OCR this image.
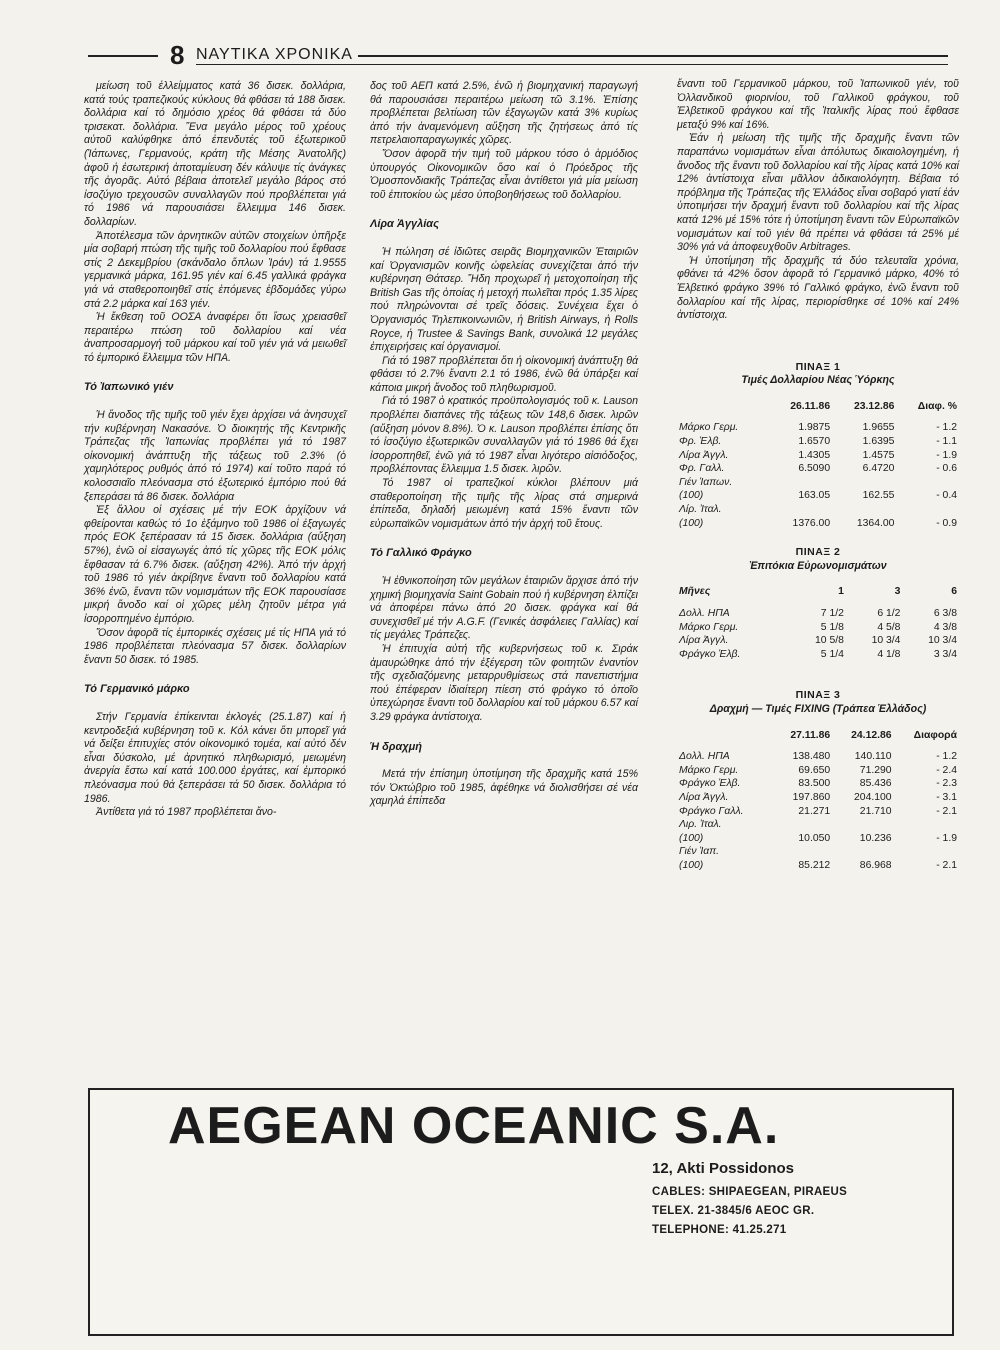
8 ΝΑΥΤΙΚΑ ΧΡΟΝΙΚΑ

μείωση τοῦ ἐλλείμματος κατά 36 δισεκ. δολλάρια, κατά τούς τραπεζικούς κύκλους θά φθάσει τά 188 δισεκ. δολλάρια καί τό δημόσιο χρέος θά φθάσει τά δύο τρισεκατ. δολλάρια. Ἕνα μεγάλο μέρος τοῦ χρέους αὐτοῦ καλύφθηκε ἀπό ἐπενδυτές τοῦ ἐξωτερικοῦ (Ἰάπωνες, Γερμανούς, κράτη τῆς Μέσης Ἀνατολῆς) ἀφοῦ ἡ ἐσωτερική ἀποταμίευση δέν κάλυψε τίς ἀνάγκες τῆς ἀγορᾶς. Αὐτό βέβαια ἀποτελεῖ μεγάλο βάρος στό ἰσοζύγιο τρεχουσῶν συναλλαγῶν πού προβλέπεται γιά τό 1986 νά παρουσιάσει ἔλλειμμα 146 δισεκ. δολλαρίων.

Ἀποτέλεσμα τῶν ἀρνητικῶν αὐτῶν στοιχείων ὑπῆρξε μία σοβαρή πτώση τῆς τιμῆς τοῦ δολλαρίου πού ἔφθασε στίς 2 Δεκεμβρίου (σκάνδαλο ὅπλων Ἰράν) τά 1.9555 γερμανικά μάρκα, 161.95 γιέν καί 6.45 γαλλικά φράγκα γιά νά σταθεροποιηθεῖ στίς ἑπόμενες ἑβδομάδες γύρω στά 2.2 μάρκα καί 163 γιέν.

Ἡ ἔκθεση τοῦ ΟΟΣΑ ἀναφέρει ὅτι ἴσως χρειασθεῖ περαιτέρω πτώση τοῦ δολλαρίου καί νέα ἀναπροσαρμογή τοῦ μάρκου καί τοῦ γιέν γιά νά μειωθεῖ τό ἐμπορικό ἔλλειμμα τῶν ΗΠΑ.

Τό Ἰαπωνικό γιέν

Ἡ ἄνοδος τῆς τιμῆς τοῦ γιέν ἔχει ἀρχίσει νά ἀνησυχεῖ τήν κυβέρνηση Νακασόνε. Ὁ διοικητής τῆς Κεντρικῆς Τράπεζας τῆς Ἰαπωνίας προβλέπει γιά τό 1987 οἰκονομική ἀνάπτυξη τῆς τάξεως τοῦ 2.3% (ὁ χαμηλότερος ρυθμός ἀπό τό 1974) καί τοῦτο παρά τό κολοσσιαῖο πλεόνασμα στό ἐξωτερικό ἐμπόριο πού θά ξεπεράσει τά 86 δισεκ. δολλάρια

Ἐξ ἄλλου οἱ σχέσεις μέ τήν ΕΟΚ ἀρχίζουν νά φθείρονται καθώς τό 1ο ἑξάμηνο τοῦ 1986 οἱ ἐξαγωγές πρός ΕΟΚ ξεπέρασαν τά 15 δισεκ. δολλάρια (αὔξηση 57%), ἐνῶ οἱ εἰσαγωγές ἀπό τίς χῶρες τῆς ΕΟΚ μόλις ἔφθασαν τά 6.7% δισεκ. (αὔξηση 42%). Ἀπό τήν ἀρχή τοῦ 1986 τό γιέν ἀκρίβηνε ἔναντι τοῦ δολλαρίου κατά 36% ἐνῶ, ἔναντι τῶν νομισμάτων τῆς ΕΟΚ παρουσίασε μικρή ἄνοδο καί οἱ χῶρες μέλη ζητοῦν μέτρα γιά ἰσορροπημένο ἐμπόριο.

Ὅσον ἀφορᾶ τίς ἐμπορικές σχέσεις μέ τίς ΗΠΑ γιά τό 1986 προβλέπεται πλεόνασμα 57 δισεκ. δολλαρίων ἔναντι 50 δισεκ. τό 1985.

Τό Γερμανικό μάρκο

Στήν Γερμανία ἐπίκεινται ἐκλογές (25.1.87) καί ἡ κεντροδεξιά κυβέρνηση τοῦ κ. Κόλ κάνει ὅτι μπορεῖ γιά νά δείξει ἐπιτυχίες στόν οἰκονομικό τομέα, καί αὐτό δέν εἶναι δύσκολο, μέ ἀρνητικό πληθωρισμό, μειωμένη ἀνεργία ἔστω καί κατά 100.000 ἐργάτες, καί ἐμπορικό πλεόνασμα πού θά ξεπεράσει τά 50 δισεκ. δολλάρια τό 1986.

Ἀντίθετα γιά τό 1987 προβλέπεται ἄνο-

δος τοῦ ΑΕΠ κατά 2.5%, ἐνῶ ἡ βιομηχανική παραγωγή θά παρουσιάσει περαιτέρω μείωση τῶ 3.1%. Ἐπίσης προβλέπεται βελτίωση τῶν ἐξαγωγῶν κατά 3% κυρίως ἀπό τήν ἀναμενόμενη αὔξηση τῆς ζητήσεως ἀπό τίς πετρελαιοπαραγωγικές χῶρες.

Ὅσον ἀφορᾶ τήν τιμή τοῦ μάρκου τόσο ὁ ἁρμόδιος ὑπουργός Οἰκονομικῶν ὅσο καί ὁ Πρόεδρος τῆς Ὁμοσπονδιακῆς Τράπεζας εἶναι ἀντίθετοι γιά μία μείωση τοῦ ἐπιτοκίου ὡς μέσο ὑποβοηθήσεως τοῦ δολλαρίου.

Λίρα Ἀγγλίας

Ἡ πώληση σέ ἰδιῶτες σειρᾶς Βιομηχανικῶν Ἑταιριῶν καί Ὀργανισμῶν κοινῆς ὠφελείας συνεχίζεται ἀπό τήν κυβέρνηση Θάτσερ. Ἤδη προχωρεῖ ἡ μετοχοποίηση τῆς British Gas τῆς ὁποίας ἡ μετοχή πωλεῖται πρός 1.35 λίρες πού πληρώνονται σέ τρεῖς δόσεις. Συνέχεια ἔχει ὁ Ὀργανισμός Τηλεπικοινωνιῶν, ἡ British Airways, ἡ Rolls Royce, ἡ Trustee & Savings Bank, συνολικά 12 μεγάλες ἐπιχειρήσεις καί ὀργανισμοί.

Γιά τό 1987 προβλέπεται ὅτι ἡ οἰκονομική ἀνάπτυξη θά φθάσει τό 2.7% ἔναντι 2.1 τό 1986, ἐνῶ θά ὑπάρξει καί κάποια μικρή ἄνοδος τοῦ πληθωρισμοῦ.

Γιά τό 1987 ὁ κρατικός προϋπολογισμός τοῦ κ. Lauson προβλέπει διαπάνες τῆς τάξεως τῶν 148,6 δισεκ. λιρῶν (αὔξηση μόνον 8.8%). Ὁ κ. Lauson προβλέπει ἐπίσης ὅτι τό ἰσοζύγιο ἐξωτερικῶν συναλλαγῶν γιά τό 1986 θά ἔχει ἰσορροπηθεῖ, ἐνῶ γιά τό 1987 εἶναι λιγότερο αἰσιόδοξος, προβλέποντας ἔλλειμμα 1.5 δισεκ. λιρῶν.

Τό 1987 οἱ τραπεζικοί κύκλοι βλέπουν μιά σταθεροποίηση τῆς τιμῆς τῆς λίρας στά σημερινά ἐπίπεδα, δηλαδή μειωμένη κατά 15% ἔναντι τῶν εὐρωπαϊκῶν νομισμάτων ἀπό τήν ἀρχή τοῦ ἔτους.

Τό Γαλλικό Φράγκο

Ἡ ἐθνικοποίηση τῶν μεγάλων ἑταιριῶν ἄρχισε ἀπό τήν χημική βιομηχανία Saint Gobain πού ἡ κυβέρνηση ἐλπίζει νά ἀποφέρει πάνω ἀπό 20 δισεκ. φράγκα καί θά συνεχισθεῖ μέ τήν A.G.F. (Γενικές ἀσφάλειες Γαλλίας) καί τίς μεγάλες Τράπεζες.

Ἡ ἐπιτυχία αὐτή τῆς κυβερνήσεως τοῦ κ. Σιράκ ἀμαυρώθηκε ἀπό τήν ἐξέγερση τῶν φοιτητῶν ἐναντίον τῆς σχεδιαζόμενης μεταρρυθμίσεως στά πανεπιστήμια πού ἐπέφεραν ἰδιαίτερη πίεση στό φράγκο τό ὁποῖο ὑπεχώρησε ἔναντι τοῦ δολλαρίου καί τοῦ μάρκου 6.57 καί 3.29 φράγκα ἀντίστοιχα.

Ἡ δραχμή

Μετά τήν ἐπίσημη ὑποτίμηση τῆς δραχμῆς κατά 15% τόν Ὀκτώβριο τοῦ 1985, ἀφέθηκε νά διολισθήσει σέ νέα χαμηλά ἐπίπεδα

ἔναντι τοῦ Γερμανικοῦ μάρκου, τοῦ Ἰαπωνικοῦ γιέν, τοῦ Ὀλλανδικοῦ φιορινίου, τοῦ Γαλλικοῦ φράγκου, τοῦ Ἑλβετικοῦ φράγκου καί τῆς Ἰταλικῆς λίρας πού ἔφθασε μεταξύ 9% καί 16%.

Ἐάν ἡ μείωση τῆς τιμῆς τῆς δραχμῆς ἔναντι τῶν παραπάνω νομισμάτων εἶναι ἀπόλυτως δικαιολογημένη, ἡ ἄνοδος τῆς ἔναντι τοῦ δολλαρίου καί τῆς λίρας κατά 10% καί 12% ἀντίστοιχα εἶναι μᾶλλον ἀδικαιολόγητη. Βέβαια τό πρόβλημα τῆς Τράπεζας τῆς Ἑλλάδος εἶναι σοβαρό γιατί ἐάν ὑποτιμήσει τήν δραχμή ἔναντι τοῦ δολλαρίου καί τῆς λίρας κατά 12% μέ 15% τότε ἡ ὑποτίμηση ἔναντι τῶν Εὐρωπαϊκῶν νομισμάτων καί τοῦ γιέν θά πρέπει νά φθάσει τά 25% μέ 30% γιά νά ἀποφευχθοῦν Arbitrages.

Ἡ ὑποτίμηση τῆς δραχμῆς τά δύο τελευταῖα χρόνια, φθάνει τά 42% ὅσον ἀφορᾶ τό Γερμανικό μάρκο, 40% τό Ἑλβετικό φράγκο 39% τό Γαλλικό φράγκο, ἐνῶ ἔναντι τοῦ δολλαρίου καί τῆς λίρας, περιορίσθηκε σέ 10% καί 24% ἀντίστοιχα.

ΠΙΝΑΞ 1
Τιμές Δολλαρίου Νέας Ὑόρκης
	26.11.86	23.12.86	Διαφ. %
Μάρκο Γερμ.	1.9875	1.9655	- 1.2
Φρ. Ἑλβ.	1.6570	1.6395	- 1.1
Λίρα Ἀγγλ.	1.4305	1.4575	- 1.9
Φρ. Γαλλ.	6.5090	6.4720	- 0.6
Γιέν Ἰαπων.			
(100)	163.05	162.55	- 0.4
Λίρ. Ἰταλ.			
(100)	1376.00	1364.00	- 0.9
ΠΙΝΑΞ 2
Ἐπιτόκια Εὐρωνομισμάτων
Μῆνες	1	3	6
Δολλ. ΗΠΑ	7 1/2	6 1/2	6 3/8
Μάρκο Γερμ.	5 1/8	4 5/8	4 3/8
Λίρα Ἀγγλ.	10 5/8	10 3/4	10 3/4
Φράγκο Ἑλβ.	5 1/4	4 1/8	3 3/4
ΠΙΝΑΞ 3
Δραχμή — Τιμές FIXING (Τράπεα Ἑλλάδος)
	27.11.86	24.12.86	Διαφορά
Δολλ. ΗΠΑ	138.480	140.110	- 1.2
Μάρκο Γερμ.	69.650	71.290	- 2.4
Φράγκο Ἑλβ.	83.500	85.436	- 2.3
Λίρα Ἀγγλ.	197.860	204.100	- 3.1
Φράγκο Γαλλ.	21.271	21.710	- 2.1
Λιρ. Ἰταλ.			
(100)	10.050	10.236	- 1.9
Γιέν Ἰαπ.			
(100)	85.212	86.968	- 2.1
AEGEAN OCEANIC S.A.
12, Akti Possidonos
CABLES: SHIPAEGEAN, PIRAEUS
TELEX. 21-3845/6 AEOC GR.
TELEPHONE: 41.25.271
